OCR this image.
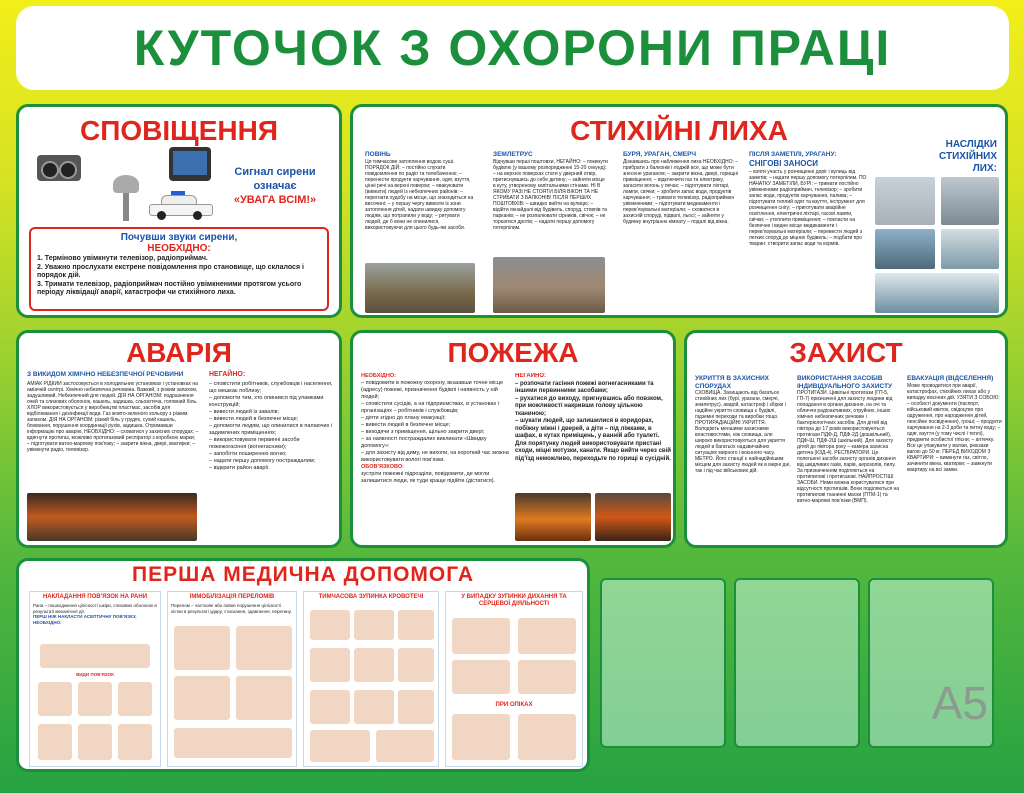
КУТОЧОК З ОХОРОНИ ПРАЦІ
СПОВІЩЕННЯ
Сигнал сирени
означає
«УВАГА ВСІМ!»
Почувши звуки сирени,
НЕОБХІДНО:
1. Терміново увімкнути телевізор, радіоприймач.
2. Уважно прослухати екстрене повідомлення про становище, що склалося і порядок дій.
3. Тримати телевізор, радіоприймач постійно увімкненими протягом усього періоду ліквідації аварії, катастрофи чи стихійного лиха.
СТИХІЙНІ ЛИХА
ПОВІНЬ
Ця тимчасове затоплення водою суші. ПОРЯДОК ДІЙ: – постійно слухати повідомлення по радіо та телебаченню; – перенести продукти харчування, одяг, взуття, цінні речі на верхні поверхи; – евакуювати (вивезти) людей із небезпечних районів; – перегнати худобу на місце, що знаходиться на височині; – у першу чергу вивезти із зони затоплення дітей, надати швидку допомогу людям, що потрапили у воду; – рятувати людей, де б вони не опинилися, використовуючи для цього будь-які засоби.
ЗЕМЛЕТРУС
Відчувши перші поштовхи, НЕГАЙНО: – покинути будівлю (у вашому розпорядженні 15-20 секунд); – на верхніх поверхах стати у дверний отвір, притиснувшись до себе дитину; – зайняти місце в куту, утвореному капітальними стінами. НІ В ЯКОМУ РАЗІ НЕ СТОЯТИ БІЛЯ ВІКОН ТА НЕ СТРИБАТИ З БАЛКОНІВ! ПІСЛЯ ПЕРШИХ ПОШТОВХІВ: – швидко вийти на вулицю; – відійти якнайдалі від будівель, споруд, стовпів та парканів; – не розпалювати сірників, свічок; – не торкатися дротів; – надати першу допомогу потерпілим.
БУРЯ, УРАГАН, СМЕРЧ
Дізнавшись про наближення лиха НЕОБХІДНО: – прибрати з балконів і лоджій все, що може бути знесене ураганом; – закрити вікна, двері, горищні приміщення; – відключити газ та електрику, загасити вогонь у печах; – підготувати ліхтарі, лампи, свічки; – зробити запас води, продуктів харчування; – тримати телевізор, радіоприймач увімкненими; – підготувати медикаменти і перев’язувальні матеріали; – сховатися в захисній споруді, підвалі, льосі; – зайняти у будинку внутрішню кімнату – подалі від вікна.
ПІСЛЯ ЗАМЕТІЛІ, УРАГАНУ:
СНІГОВІ ЗАНОСИ
– взяти участь у розчищенні доріг і вулиць від заметів; – надати першу допомогу потерпілим. ПО НАЧАТКУ ЗАМЕТІЛИ, БУРІ: – тримати постійно увімкненими радіоприймач, телевізор; – зробити запас води, продуктів харчування, палива; – підготувати теплий одяг та взуття, інструмент для розчищення снігу; – приготувати аварійне освітлення, електричні ліхтарі, гасові лампи, свічки; – утеплити приміщення; – покласти на безпечне і видне місце медикаменти і перев’язувальні матеріали; – перевести людей з легких споруд до міцних будівель; – подбати про тварин: створити запас води та кормів.
НАСЛІДКИ СТИХІЙНИХ ЛИХ:
АВАРІЯ
З ВИКИДОМ ХІМІЧНО НЕБЕЗПЕЧНОЇ РЕЧОВИНИ
АМІАК РІДКИЙ застосовується в холодильних установках і установках на аміачній селітрі. Хімічно небезпечна речовина. Важкий, з різким запахом, задушливий. Небезпечний для людей. ДІЯ НА ОРГАНІЗМ: подразнення очей та слизових оболонок, кашель, задишка, сльозотеча, головний біль. ХЛОР використовується у виробництві пластмас, засобів для відбілювання і дезінфекції води. Газ жовто-зеленого кольору з різким запахом. ДІЯ НА ОРГАНІЗМ: різкий біль у грудях, сухий кашель, блювання, порушення координації рухів, задишка. Отримавши інформацію про аварію, НЕОБХІДНО: – сховатися у захисних спорудах; – вдягнути протигаз, можливо протигазовий респіратор з коробкою марки; – підготувати ватно-марлеву пов’язку; – закрити вікна, двері, кватирки; – увімкнути радіо, телевізор.
НЕГАЙНО:
– сповістити робітників, службовців і населення, що мешкає поблизу;
– допомогти тим, хто опинився під уламками конструкцій;
– вивести людей із завалів;
– вивести людей в безпечне місце;
– допомогти людям, що опинилися в палаючих і задимлених приміщеннях;
– використовувати первинні засоби пожежогасіння (вогнегасники);
– запобігти поширенню вогню;
– надати першу допомогу постраждалим;
– відкрити район аварії.
ПОЖЕЖА
НЕОБХІДНО:
– повідомити в пожежну охорону, вказавши точне місце (адресу) пожежі, призначення будівлі і наявність у ній людей;
– сповістити сусідів, а на підприємствах, в установах і організаціях – робітників і службовців;
– діяти згідно до плану евакуації;
– вивести людей в безпечне місце;
– виходячи з приміщення, щільно закрити двері;
– за наявності постраждалих викликати «Швидку допомогу»:
– для захисту від диму, не вихопи, на короткий час можна використовувати вологі пов’язки.
ОБОВ’ЯЗКОВО:
зустріти пожежні підрозділи, повідомити, де могли залишитися люди, як туди краще підійти (дістатися).
НЕГАЙНО:
– розпочати гасіння пожежі вогнегасниками та іншими первинними засобами;
– рухатися до виходу, пригнувшись або повзком, при можливості накривши голову цільною тканиною;
– шукати людей, що залишилися в коридорах, побіжну міжні і дверей, а діти – під ліжками, в шафах, в кутах приміщень, у ванній або туалеті.
Для порятунку людей використовувати пристані сходи, міцні мотузки, канати. Якщо вийти через свій під’їзд неможливо, переходьте по горищі в сусідній.
ЗАХИСТ
УКРИТТЯ В ЗАХИСНИХ СПОРУДАХ
СХОВИЩА. Захищають від багатьох стихійних лих (бурі, урагани, смерчі, землетрус), аварій, катастроф і збірки і надійне укриття сховища є будівлі, підземні переходи та виробки тощо. ПРОТИРАДІАЦІЙНІ УКРИТТЯ. Володіють меншими захисними властивостями, ніж сховища, але широко використовуються для укриття людей в багатьох надзвичайних ситуаціях мирного і воєнного часу. МЕТРО. Його станції є найнадійнішим місцем для захисту людей як в мирні дні, так і під час військових дій.
ВИКОРИСТАННЯ ЗАСОБІВ ІНДИВІДУАЛЬНОГО ЗАХИСТУ
ПРОТИГАЗИ. Цивільні протигази (ГП-5, ГП-7) призначені для захисту людини від попадання в органи дихання, на очі та обличчя радіоактивних, отруйних, інших хімічно небезпечних речовин і бактеріологічних засобів. Для дітей від півтора до 17 років використовуються протигази ПДФ-Д, ПДФ-2Д (дошкільний), ПДФ-Ш, ПДФ-2Ш (шкільний). Для захисту дітей до півтора року – камера захисна дитяча (КЗД-4). РЕСПІРАТОРИ. Це полегшені засоби захисту органів дихання від шкідливих газів, парів, аерозолів, пилу. За призначенням поділяються на протипилові і протигазові. НАЙПРОСТІШІ ЗАСОБИ. Ними можна користуватися при відсутності протигазів. Вони поділяються на протипилові тканинні маски (ПТМ-1) та ватно-марлеві пов’язки (ВМП).
ЕВАКУАЦІЯ (ВІДСЕЛЕННЯ)
Може проводитися при аварії, катастрофах, стихійних лихах або у випадку воєнних дій. УЗЯТИ З СОБОЮ: – особисті документи (паспорт, військовий квиток, свідоцтво про одруження, про народження дітей, пенсійне посвідчення), гроші; – продукти харчування на 2-3 доби та питну воду; – одяг, взуття (у тому числі і теплі), предмети особистої гігієни; – аптечку. Все це упакувати у валізи, рюкзаки вагою до 50 кг. ПЕРЕД ВИХОДОМ З КВАРТИРИ: – вимкнути газ, світло, зачинити вікна, кватирки; – замкнути квартиру на всі замки.
ПЕРША МЕДИЧНА ДОПОМОГА
НАКЛАДАННЯ ПОВ’ЯЗОК НА РАНИ
Рана – пошкодження цілісності шкіри, слизових оболонок в результаті механічної дії.
ПЕРШ НІЖ НАКЛАСТИ АСЕПТИЧНУ ПОВ’ЯЗКУ, НЕОБХІДНО:
ВИДИ ПОВ’ЯЗОК
ІММОБІЛІЗАЦІЯ ПЕРЕЛОМІВ
Перелом – часткове або повне порушення цілісності кістки в результаті удару, стискання, здавлення, перегину.
ТИМЧАСОВА ЗУПИНКА КРОВОТЕЧІ	У ВИПАДКУ ЗУПИНКИ ДИХАННЯ ТА СЕРЦЕВОЇ ДІЯЛЬНОСТІ
ПРИ ОПІКАХ	A5
